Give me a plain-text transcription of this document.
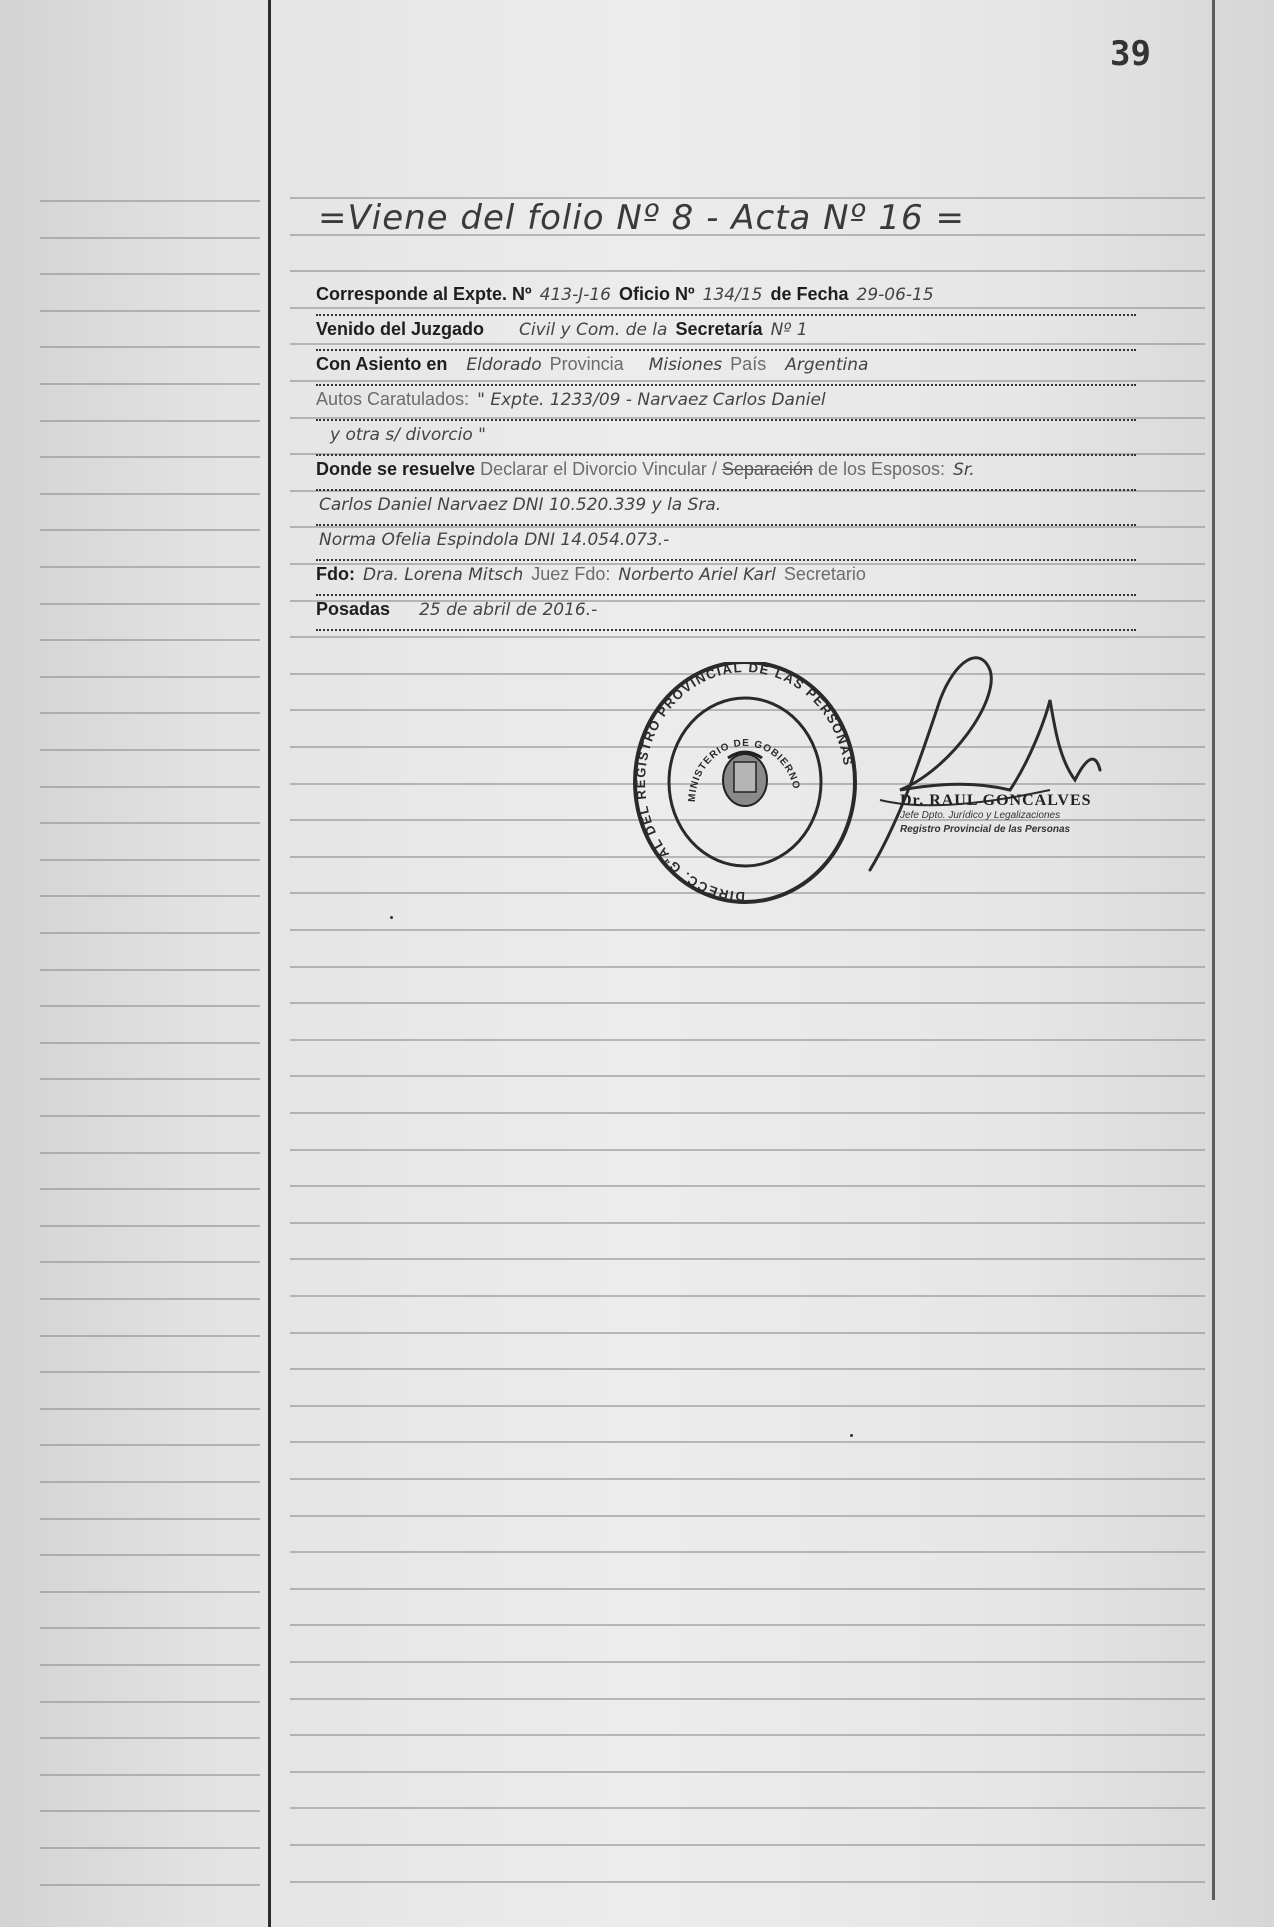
39
=Viene del folio Nº 8 - Acta Nº 16 =
Corresponde al Expte. Nº 413-J-16 Oficio Nº 134/15 de Fecha 29-06-15
Venido del Juzgado Civil y Com. de la Secretaría Nº 1
Con Asiento en Eldorado Provincia Misiones País Argentina
Autos Caratulados: " Expte. 1233/09 - Narvaez Carlos Daniel
y otra s/ divorcio "
Donde se resuelve Declarar el Divorcio Vincular / Separación de los Esposos: Sr.
Carlos Daniel Narvaez DNI 10.520.339 y la Sra.
Norma Ofelia Espindola DNI 14.054.073.-
Fdo: Dra. Lorena Mitsch Juez Fdo: Norberto Ariel Karl Secretario
Posadas 25 de abril de 2016.-
DIRECC. GªAL DEL REGISTRO PROVINCIAL DE LAS PERSONAS
MINISTERIO DE GOBIERNO
Dr. RAUL GONCALVES
Jefe Dpto. Jurídico y Legalizaciones
Registro Provincial de las Personas
